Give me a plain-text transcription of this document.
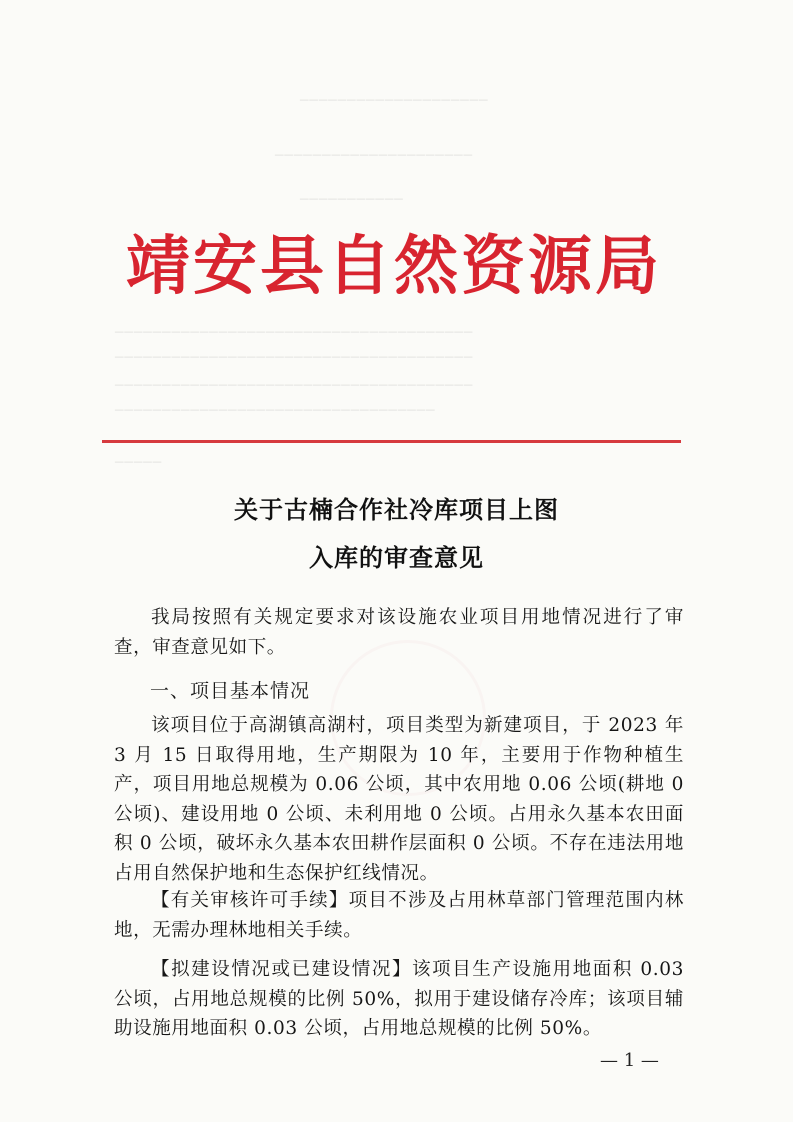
────────────────────
─────────────────────
───────────
──────────────────────────────────────
──────────────────────────────────────
──────────────────────────────────────
──────────────────────────────────
─────
靖安县自然资源局
关于古楠合作社冷库项目上图
入库的审查意见
我局按照有关规定要求对该设施农业项目用地情况进行了审查，审查意见如下。
一、项目基本情况
该项目位于高湖镇高湖村，项目类型为新建项目，于 2023 年 3 月 15 日取得用地，生产期限为 10 年，主要用于作物种植生产，项目用地总规模为 0.06 公顷，其中农用地 0.06 公顷(耕地 0 公顷)、建设用地 0 公顷、未利用地 0 公顷。占用永久基本农田面积 0 公顷，破坏永久基本农田耕作层面积 0 公顷。不存在违法用地占用自然保护地和生态保护红线情况。
【有关审核许可手续】项目不涉及占用林草部门管理范围内林地，无需办理林地相关手续。
【拟建设情况或已建设情况】该项目生产设施用地面积 0.03 公顷，占用地总规模的比例 50%，拟用于建设储存冷库；该项目辅助设施用地面积 0.03 公顷，占用地总规模的比例 50%。
— 1 —
